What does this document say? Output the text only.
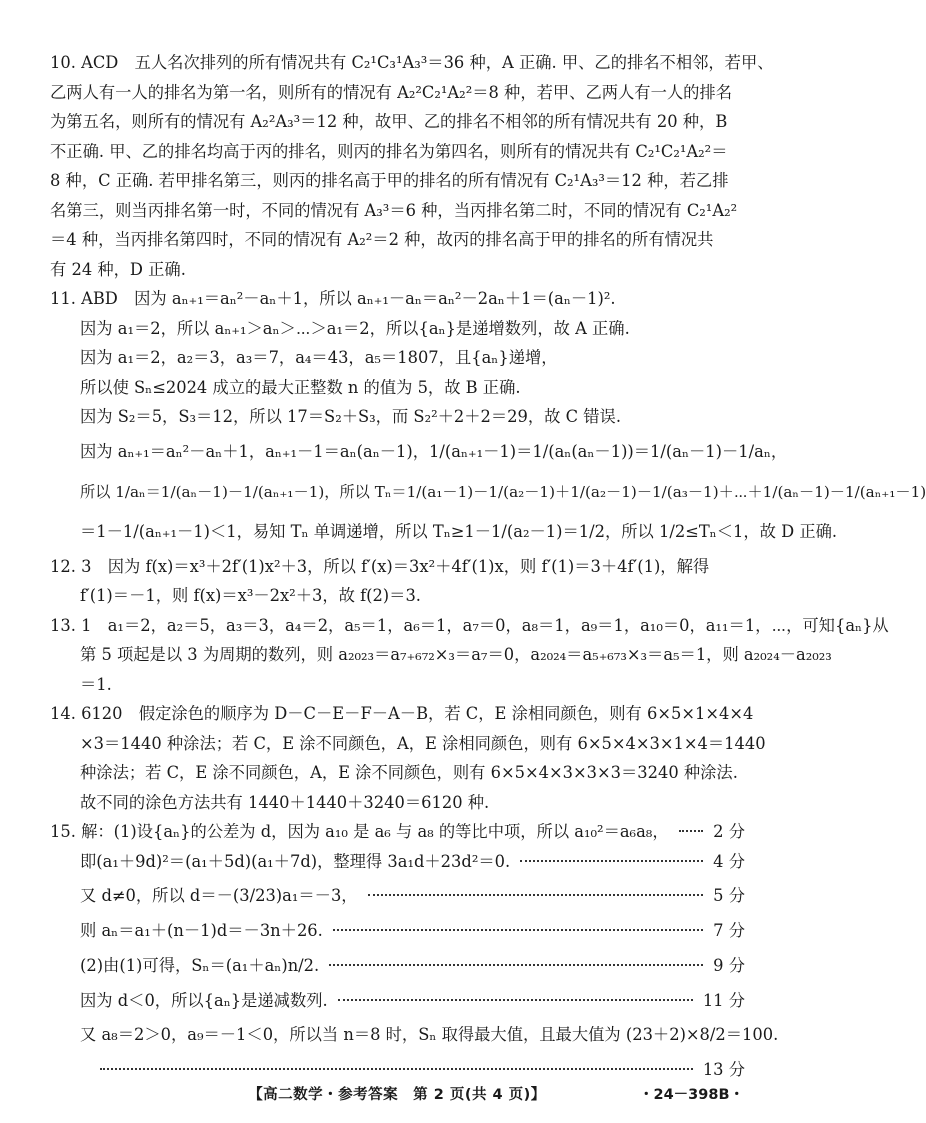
10. ACD　五人名次排列的所有情况共有 C₂¹C₃¹A₃³＝36 种，A 正确. 甲、乙的排名不相邻，若甲、
乙两人有一人的排名为第一名，则所有的情况有 A₂²C₂¹A₂²＝8 种，若甲、乙两人有一人的排名
为第五名，则所有的情况有 A₂²A₃³＝12 种，故甲、乙的排名不相邻的所有情况共有 20 种，B
不正确. 甲、乙的排名均高于丙的排名，则丙的排名为第四名，则所有的情况共有 C₂¹C₂¹A₂²＝
8 种，C 正确. 若甲排名第三，则丙的排名高于甲的排名的所有情况有 C₂¹A₃³＝12 种，若乙排
名第三，则当丙排名第一时，不同的情况有 A₃³＝6 种，当丙排名第二时，不同的情况有 C₂¹A₂²
＝4 种，当丙排名第四时，不同的情况有 A₂²＝2 种，故丙的排名高于甲的排名的所有情况共
有 24 种，D 正确.
11. ABD　因为 aₙ₊₁＝aₙ²－aₙ＋1，所以 aₙ₊₁－aₙ＝aₙ²－2aₙ＋1＝(aₙ－1)².
因为 a₁＝2，所以 aₙ₊₁＞aₙ＞⋯＞a₁＝2，所以{aₙ}是递增数列，故 A 正确.
因为 a₁＝2，a₂＝3，a₃＝7，a₄＝43，a₅＝1807，且{aₙ}递增，
所以使 Sₙ≤2024 成立的最大正整数 n 的值为 5，故 B 正确.
因为 S₂＝5，S₃＝12，所以 17＝S₂＋S₃，而 S₂²＋2＋2＝29，故 C 错误.
因为 aₙ₊₁＝aₙ²－aₙ＋1，aₙ₊₁－1＝aₙ(aₙ－1)，1/(aₙ₊₁－1)＝1/(aₙ(aₙ－1))＝1/(aₙ－1)－1/aₙ，
所以 1/aₙ＝1/(aₙ－1)－1/(aₙ₊₁－1)，所以 Tₙ＝1/(a₁－1)－1/(a₂－1)＋1/(a₂－1)－1/(a₃－1)＋⋯＋1/(aₙ－1)－1/(aₙ₊₁－1)
＝1－1/(aₙ₊₁－1)＜1，易知 Tₙ 单调递增，所以 Tₙ≥1－1/(a₂－1)＝1/2，所以 1/2≤Tₙ＜1，故 D 正确.
12. 3　因为 f(x)＝x³＋2f′(1)x²＋3，所以 f′(x)＝3x²＋4f′(1)x，则 f′(1)＝3＋4f′(1)，解得
f′(1)＝－1，则 f(x)＝x³－2x²＋3，故 f(2)＝3.
13. 1　a₁＝2，a₂＝5，a₃＝3，a₄＝2，a₅＝1，a₆＝1，a₇＝0，a₈＝1，a₉＝1，a₁₀＝0，a₁₁＝1，⋯，可知{aₙ}从
第 5 项起是以 3 为周期的数列，则 a₂₀₂₃＝a₇₊₆₇₂×₃＝a₇＝0，a₂₀₂₄＝a₅₊₆₇₃×₃＝a₅＝1，则 a₂₀₂₄－a₂₀₂₃
＝1.
14. 6120　假定涂色的顺序为 D－C－E－F－A－B，若 C，E 涂相同颜色，则有 6×5×1×4×4
×3＝1440 种涂法；若 C，E 涂不同颜色，A，E 涂相同颜色，则有 6×5×4×3×1×4＝1440
种涂法；若 C，E 涂不同颜色，A，E 涂不同颜色，则有 6×5×4×3×3×3＝3240 种涂法.
故不同的涂色方法共有 1440＋1440＋3240＝6120 种.
15. 解：(1)设{aₙ}的公差为 d，因为 a₁₀ 是 a₆ 与 a₈ 的等比中项，所以 a₁₀²＝a₆a₈，	2 分
即(a₁＋9d)²＝(a₁＋5d)(a₁＋7d)，整理得 3a₁d＋23d²＝0.	4 分
又 d≠0，所以 d＝－(3/23)a₁＝－3，	5 分
则 aₙ＝a₁＋(n－1)d＝－3n＋26.	7 分
(2)由(1)可得，Sₙ＝(a₁＋aₙ)n/2.	9 分
因为 d＜0，所以{aₙ}是递减数列.	11 分
又 a₈＝2＞0，a₉＝－1＜0，所以当 n＝8 时，Sₙ 取得最大值，且最大值为 (23＋2)×8/2＝100.
13 分
【高二数学・参考答案　第 2 页(共 4 页)】	・24－398B・
